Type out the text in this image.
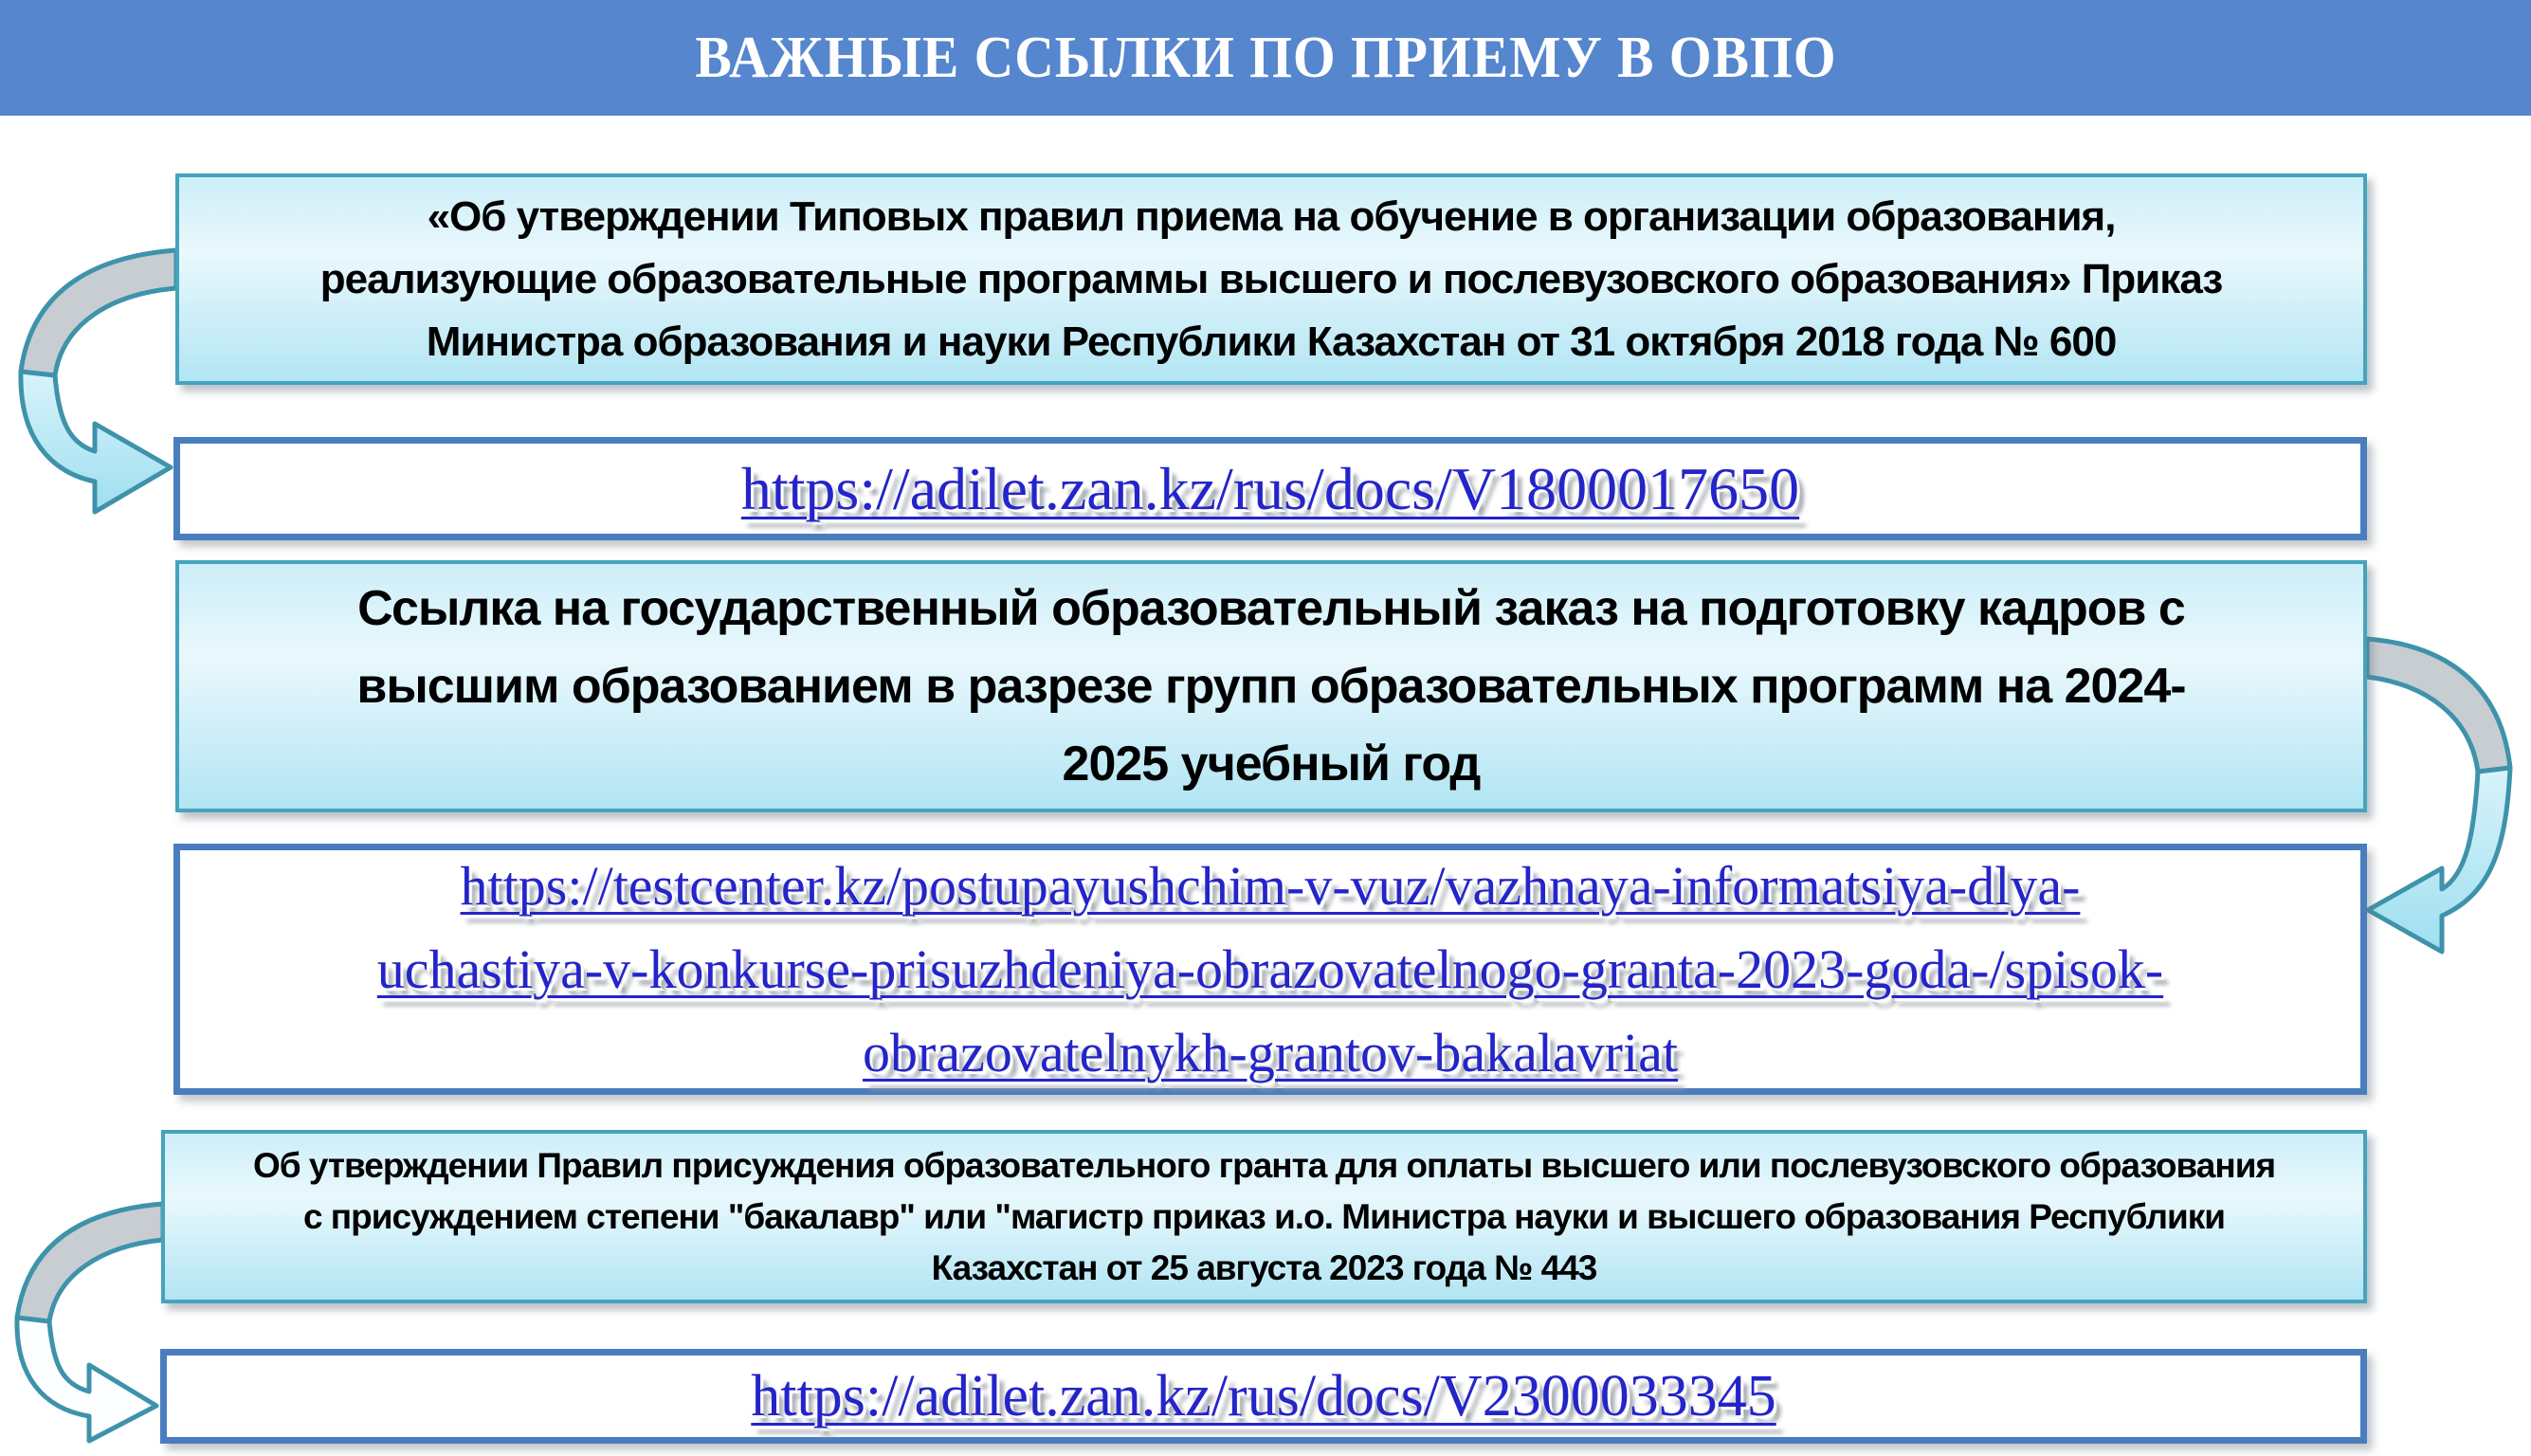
ВАЖНЫЕ ССЫЛКИ ПО ПРИЕМУ В ОВПО

«Об утверждении Типовых правил приема на обучение в организации образования,

реализующие образовательные программы высшего и послевузовского образования» Приказ

Министра образования и науки Республики Казахстан от 31 октября 2018 года № 600

https://adilet.zan.kz/rus/docs/V1800017650

Ссылка на государственный образовательный заказ на подготовку кадров с

высшим образованием в разрезе групп образовательных программ на 2024-

2025 учебный год

https://testcenter.kz/postupayushchim-v-vuz/vazhnaya-informatsiya-dlya-
uchastiya-v-konkurse-prisuzhdeniya-obrazovatelnogo-granta-2023-goda-/spisok-
obrazovatelnykh-grantov-bakalavriat

Об утверждении Правил присуждения образовательного гранта для оплаты высшего или послевузовского образования

с присуждением степени "бакалавр" или "магистр приказ и.о. Министра науки и высшего образования Республики

Казахстан от 25 августа 2023 года № 443

https://adilet.zan.kz/rus/docs/V2300033345
